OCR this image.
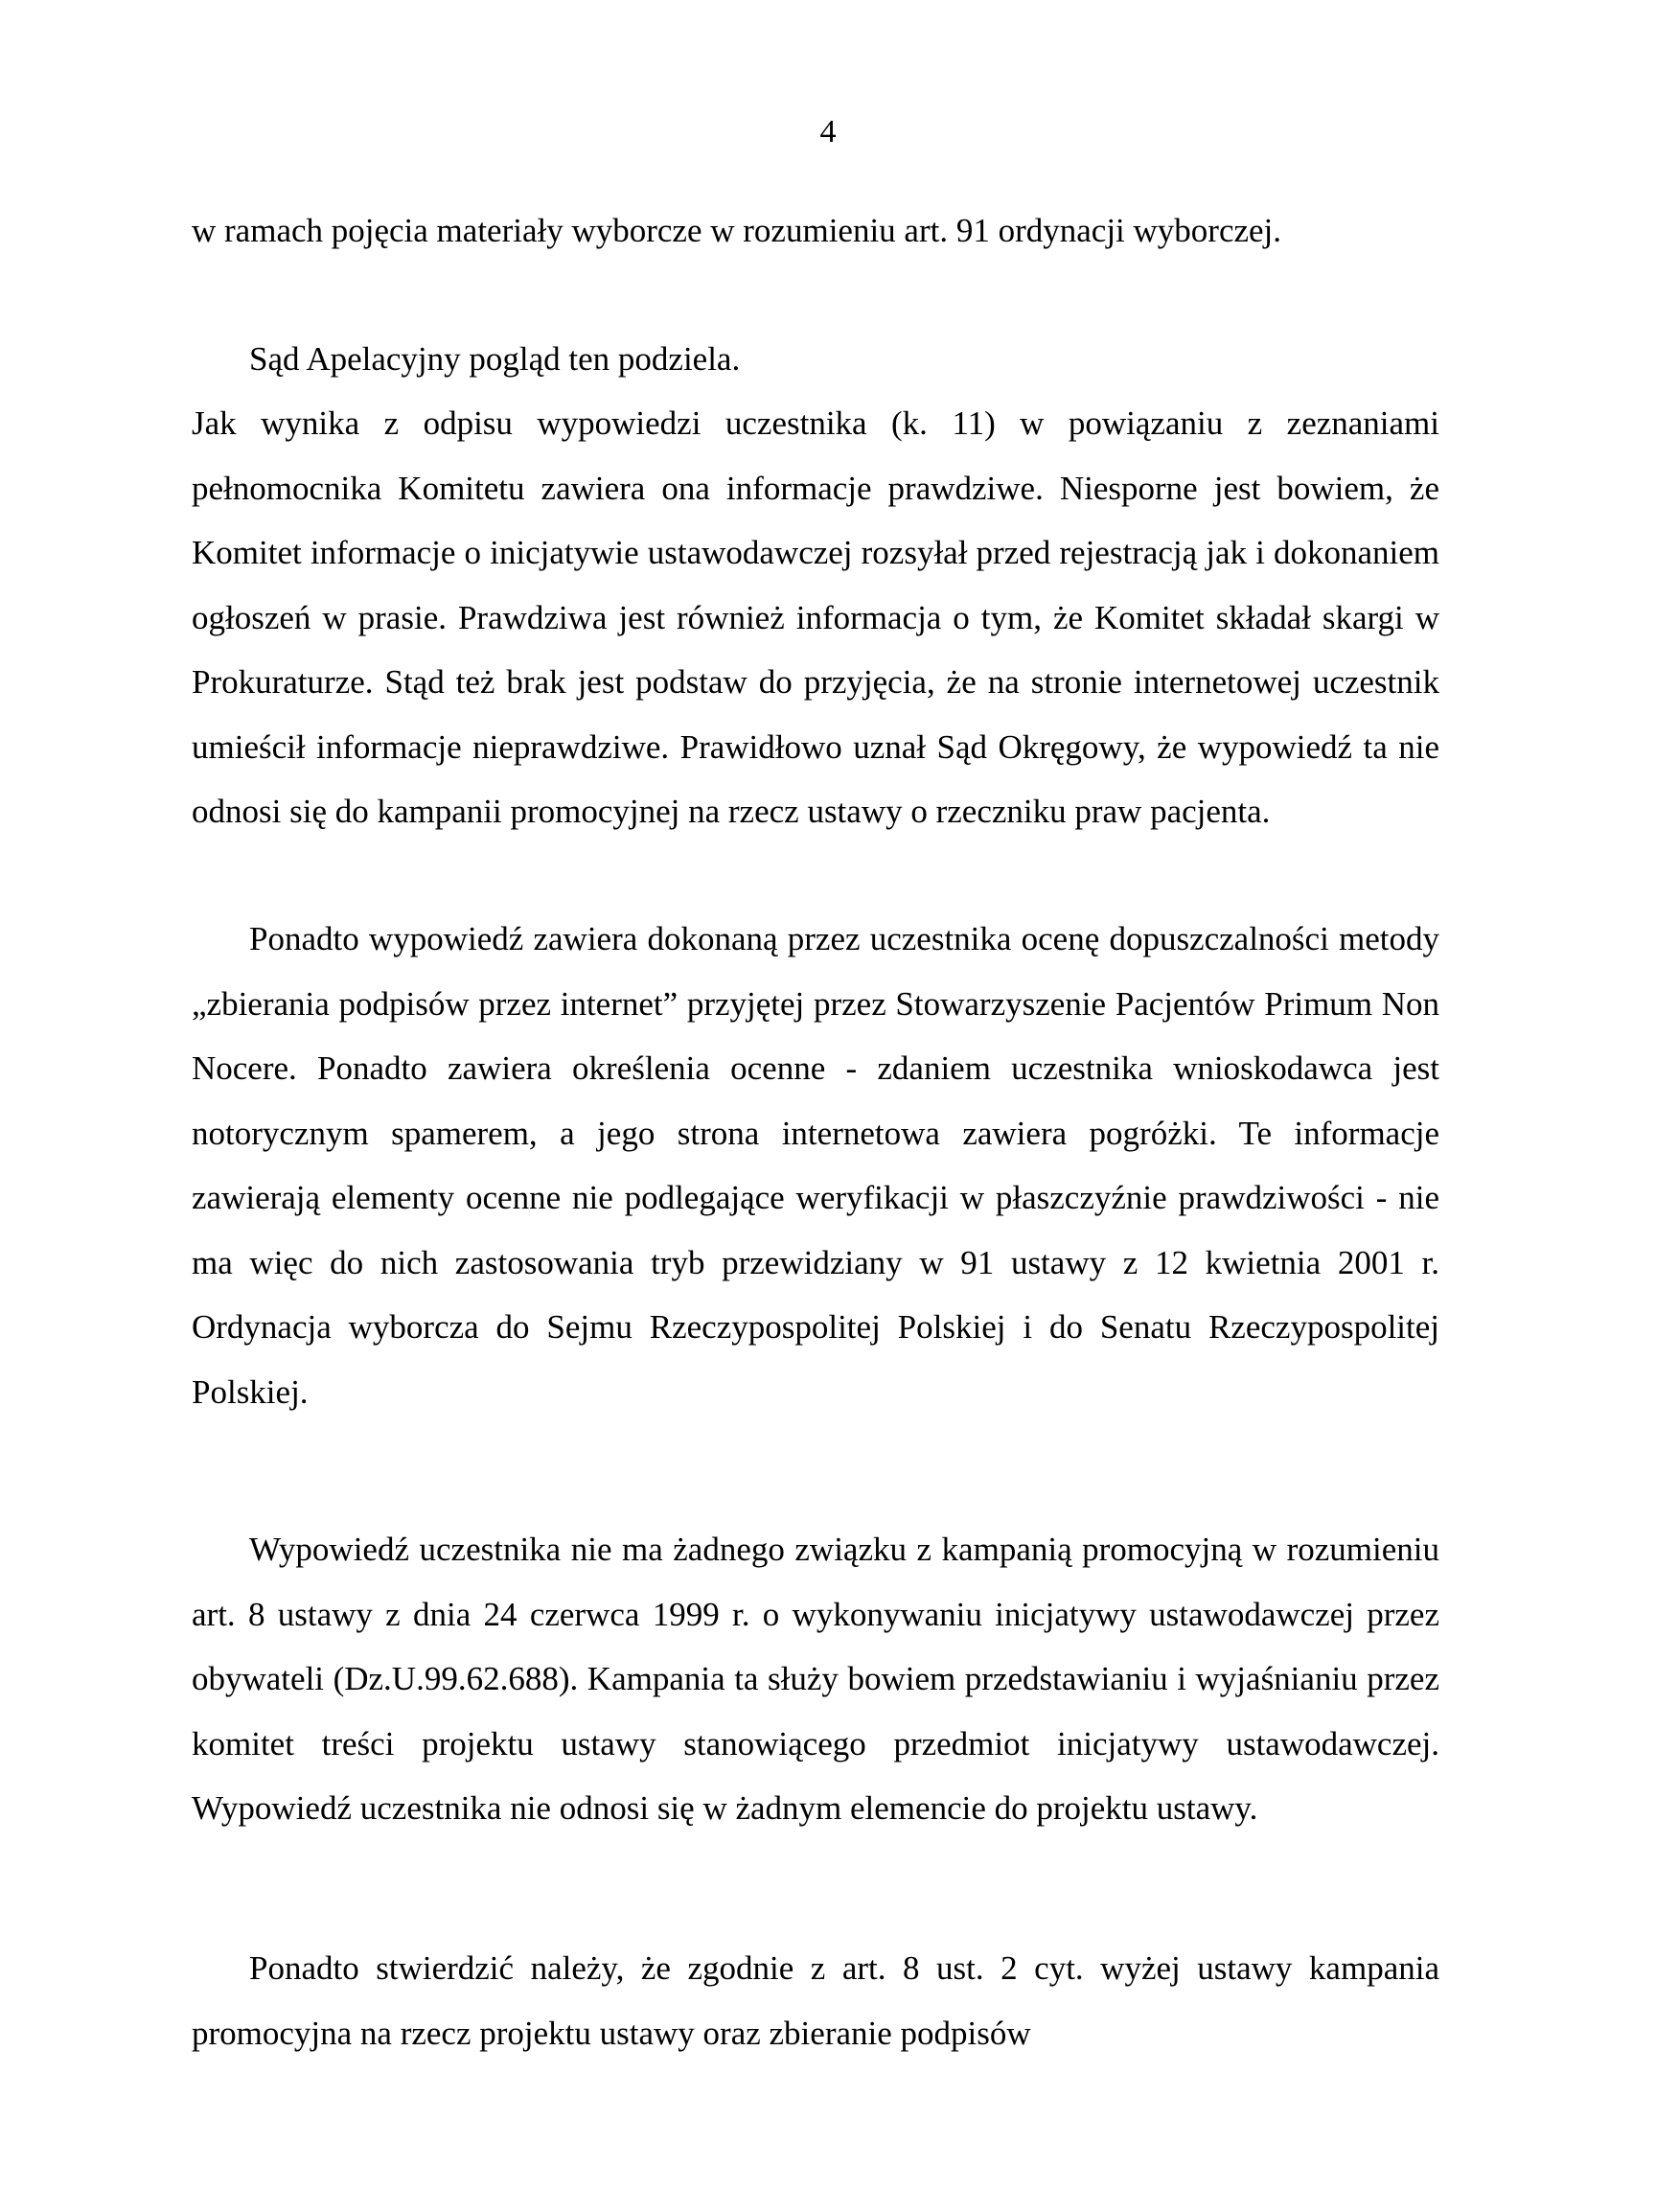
4

w ramach pojęcia materiały wyborcze w rozumieniu art. 91 ordynacji wyborczej.

Sąd Apelacyjny pogląd ten podziela.

Jak wynika z odpisu wypowiedzi uczestnika (k. 11) w powiązaniu z zeznaniami pełnomocnika Komitetu zawiera ona informacje prawdziwe. Niesporne jest bowiem, że Komitet informacje o inicjatywie ustawodawczej rozsyłał przed rejestracją jak i dokonaniem ogłoszeń w prasie. Prawdziwa jest również informacja o tym, że Komitet składał skargi w Prokuraturze. Stąd też brak jest podstaw do przyjęcia, że na stronie internetowej uczestnik umieścił informacje nieprawdziwe. Prawidłowo uznał Sąd Okręgowy, że wypowiedź ta nie odnosi się do kampanii promocyjnej na rzecz ustawy o rzeczniku praw pacjenta.

Ponadto wypowiedź zawiera dokonaną przez uczestnika ocenę dopuszczalności metody „zbierania podpisów przez internet” przyjętej przez Stowarzyszenie Pacjentów Primum Non Nocere. Ponadto zawiera określenia ocenne - zdaniem uczestnika wnioskodawca jest notorycznym spamerem, a jego strona internetowa zawiera pogróżki. Te informacje zawierają elementy ocenne nie podlegające weryfikacji w płaszczyźnie prawdziwości - nie ma więc do nich zastosowania tryb przewidziany w 91 ustawy z 12 kwietnia 2001 r. Ordynacja wyborcza do Sejmu Rzeczypospolitej Polskiej i do Senatu Rzeczypospolitej Polskiej.

Wypowiedź uczestnika nie ma żadnego związku z kampanią promocyjną w rozumieniu art. 8 ustawy z dnia 24 czerwca 1999 r. o wykonywaniu inicjatywy ustawodawczej przez obywateli (Dz.U.99.62.688). Kampania ta służy bowiem przedstawianiu i wyjaśnianiu przez komitet treści projektu ustawy stanowiącego przedmiot inicjatywy ustawodawczej. Wypowiedź uczestnika nie odnosi się w żadnym elemencie do projektu ustawy.

Ponadto stwierdzić należy, że zgodnie z art. 8 ust. 2 cyt. wyżej ustawy kampania promocyjna na rzecz projektu ustawy oraz zbieranie podpisów
